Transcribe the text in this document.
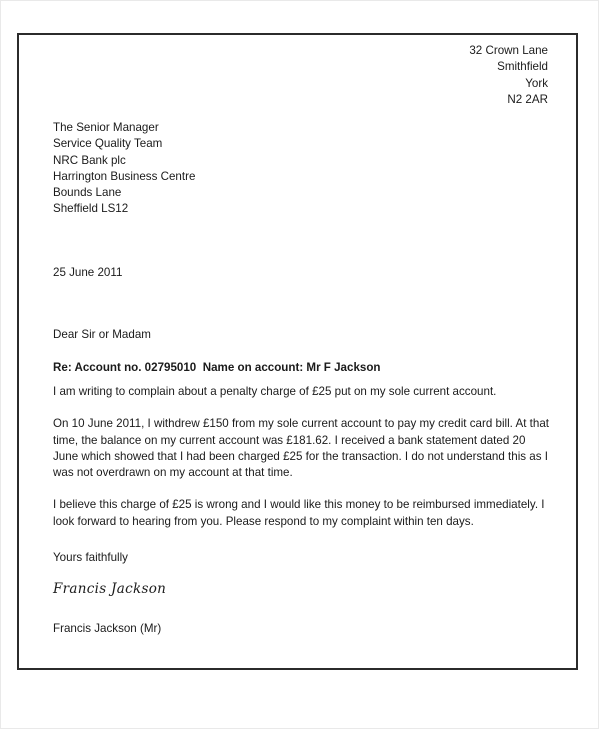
32 Crown Lane
Smithfield
York
N2 2AR
The Senior Manager
Service Quality Team
NRC Bank plc
Harrington Business Centre
Bounds Lane
Sheffield LS12
25 June 2011
Dear Sir or Madam
Re: Account no. 02795010  Name on account: Mr F Jackson

I am writing to complain about a penalty charge of £25 put on my sole current account.

On 10 June 2011, I withdrew £150 from my sole current account to pay my credit card bill. At that time, the balance on my current account was £181.62. I received a bank statement dated 20 June which showed that I had been charged £25 for the transaction. I do not understand this as I was not overdrawn on my account at that time.

I believe this charge of £25 is wrong and I would like this money to be reimbursed immediately. I look forward to hearing from you. Please respond to my complaint within ten days.

Yours faithfully
Francis Jackson
Francis Jackson (Mr)
